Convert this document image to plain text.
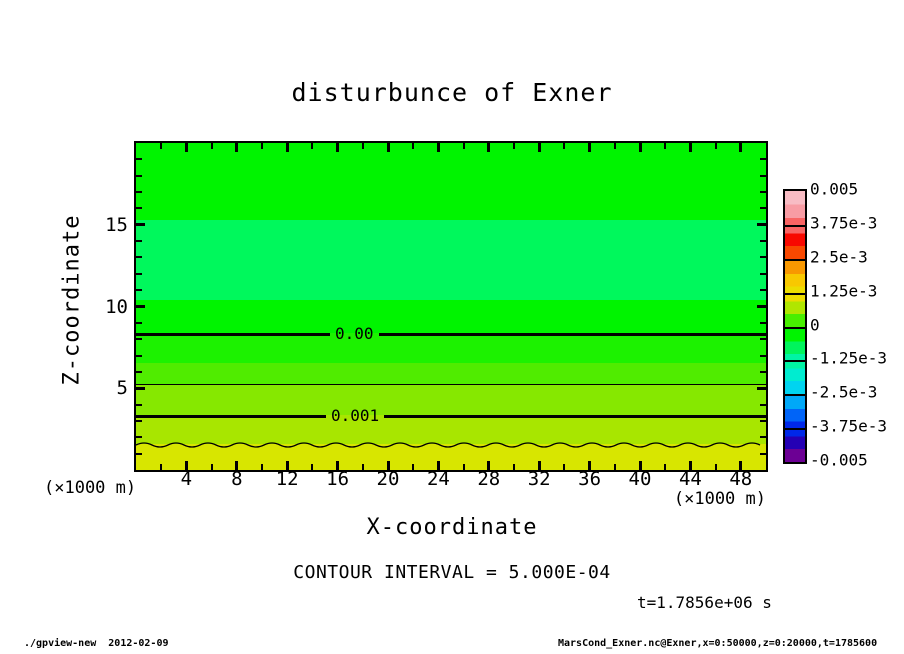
disturbunce of Exner
Z-coordinate
X-coordinate
(×1000 m)
(×1000 m)
0.00
0.001
CONTOUR INTERVAL = 5.000E-04
t=1.7856e+06 s
./gpview-new  2012-02-09	MarsCond_Exner.nc@Exner,x=0:50000,z=0:20000,t=1785600
4 8 12 16 20 24 28 32 36 40 44 48
5
10
15
0.005
3.75e-3
2.5e-3
1.25e-3
0
-1.25e-3
-2.5e-3
-3.75e-3
-0.005
